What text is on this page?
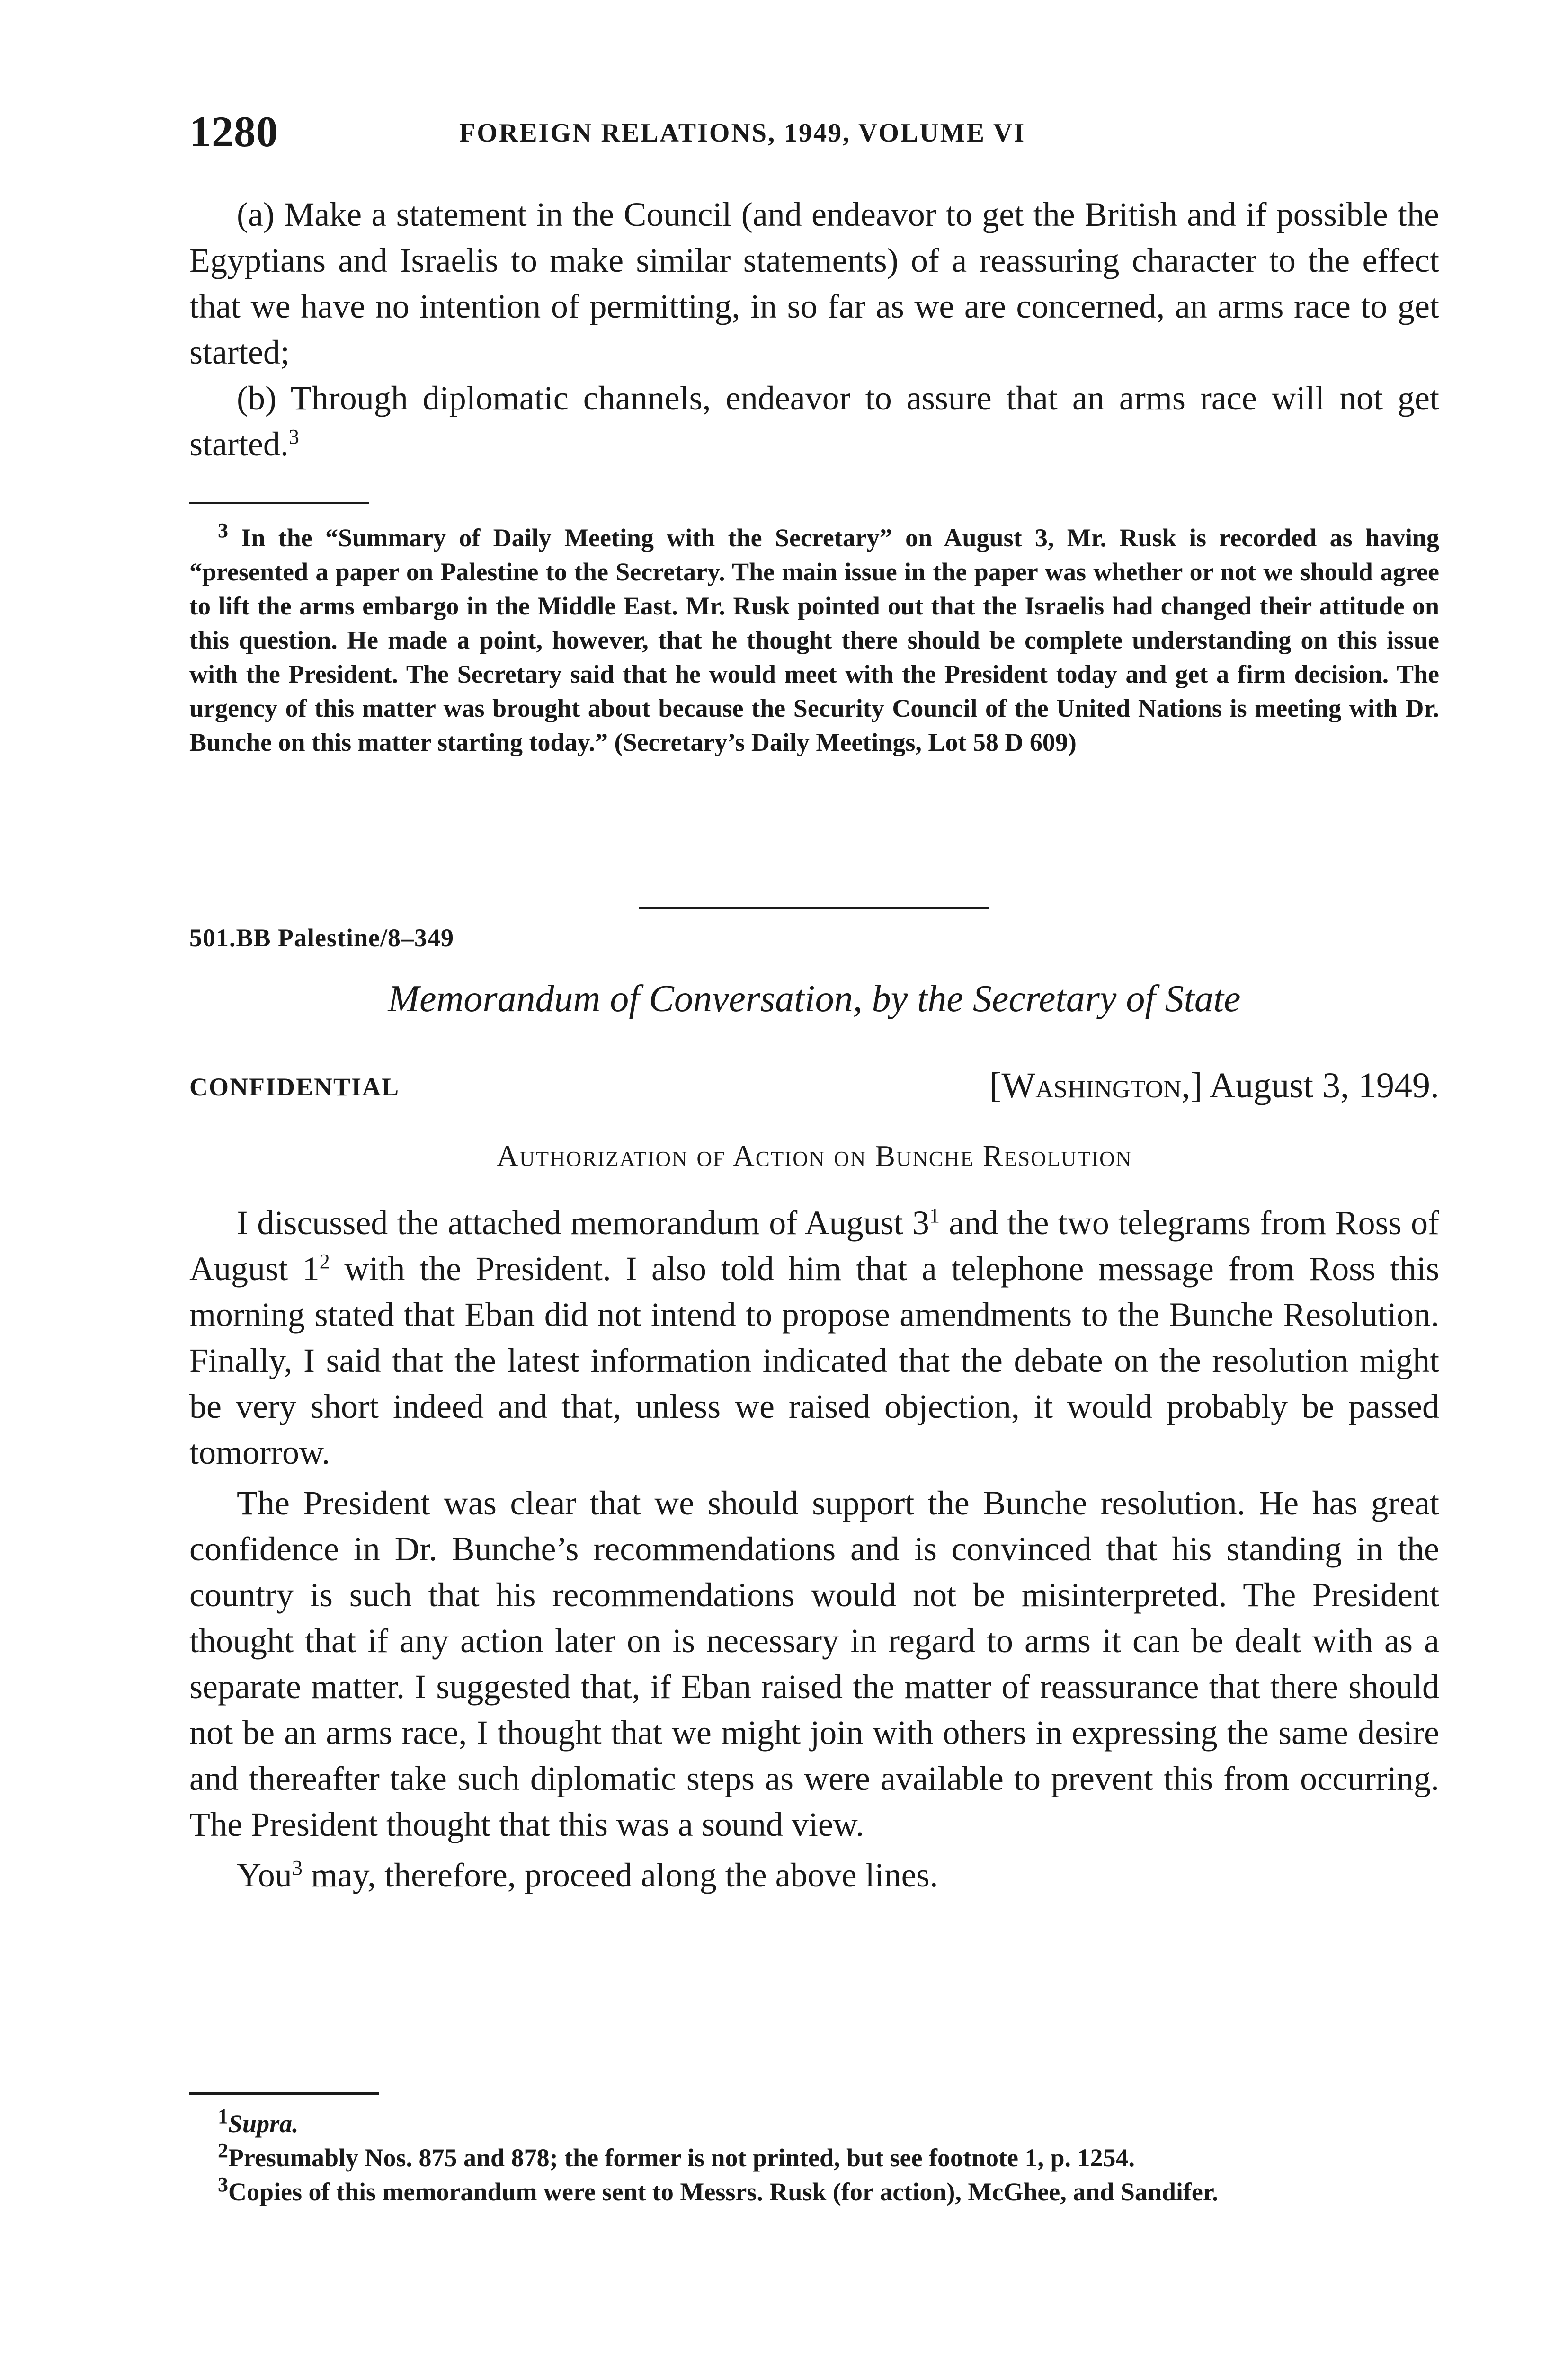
1280	FOREIGN RELATIONS, 1949, VOLUME VI

(a) Make a statement in the Council (and endeavor to get the British and if possible the Egyptians and Israelis to make similar statements) of a reassuring character to the effect that we have no intention of permitting, in so far as we are concerned, an arms race to get started;

(b) Through diplomatic channels, endeavor to assure that an arms race will not get started.$^3$

$^3$ In the “Summary of Daily Meeting with the Secretary” on August 3, Mr. Rusk is recorded as having “presented a paper on Palestine to the Secretary. The main issue in the paper was whether or not we should agree to lift the arms embargo in the Middle East. Mr. Rusk pointed out that the Israelis had changed their attitude on this question. He made a point, however, that he thought there should be complete understanding on this issue with the President. The Secretary said that he would meet with the President today and get a firm decision. The urgency of this matter was brought about because the Security Council of the United Nations is meeting with Dr. Bunche on this matter starting today.” (Secretary’s Daily Meetings, Lot 58 D 609)

501.BB Palestine/8–349
Memorandum of Conversation, by the Secretary of State
CONFIDENTIAL	[Washington,] August 3, 1949.
Authorization of Action on Bunche Resolution

I discussed the attached memorandum of August $3^1$ and the two telegrams from Ross of August $1^2$ with the President. I also told him that a telephone message from Ross this morning stated that Eban did not intend to propose amendments to the Bunche Resolution. Finally, I said that the latest information indicated that the debate on the resolution might be very short indeed and that, unless we raised objection, it would probably be passed tomorrow.

The President was clear that we should support the Bunche resolution. He has great confidence in Dr. Bunche’s recommendations and is convinced that his standing in the country is such that his recommendations would not be misinterpreted. The President thought that if any action later on is necessary in regard to arms it can be dealt with as a separate matter. I suggested that, if Eban raised the matter of reassurance that there should not be an arms race, I thought that we might join with others in expressing the same desire and thereafter take such diplomatic steps as were available to prevent this from occurring. The President thought that this was a sound view.

You$^3$ may, therefore, proceed along the above lines.

$^1$Supra.

$^2$Presumably Nos. 875 and 878; the former is not printed, but see footnote 1, p. 1254.

$^3$Copies of this memorandum were sent to Messrs. Rusk (for action), McGhee, and Sandifer.
